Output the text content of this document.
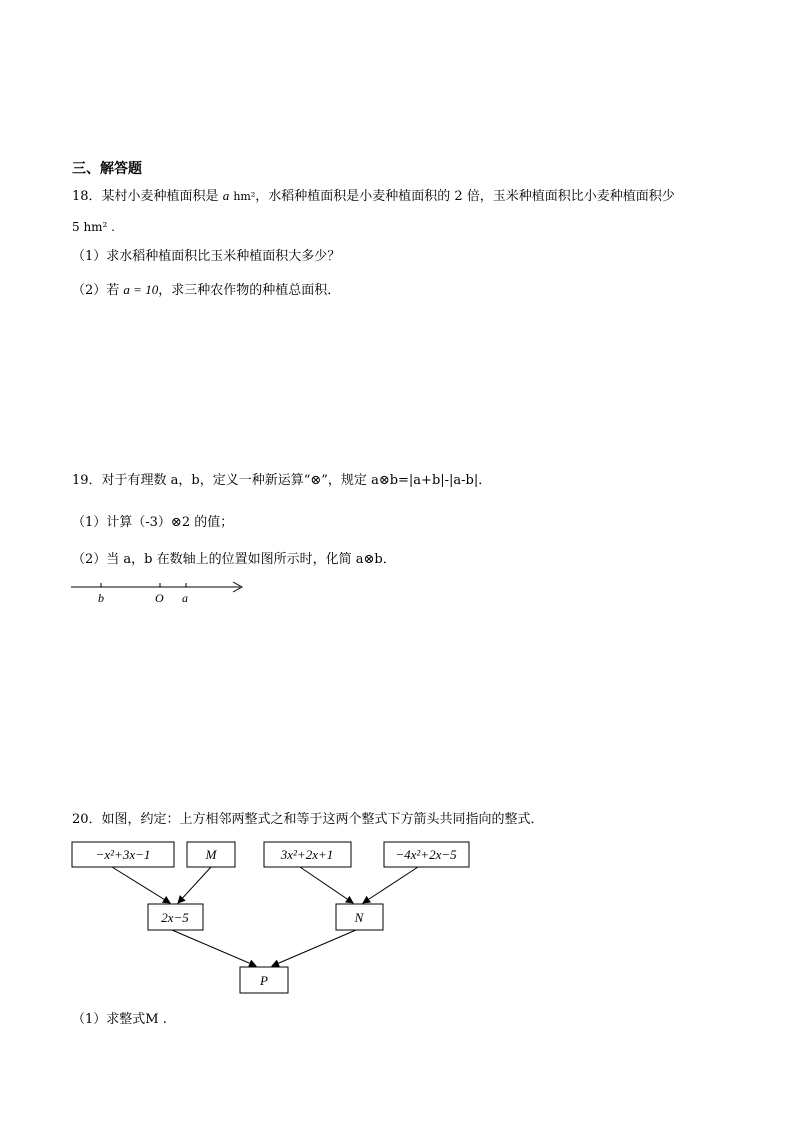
三、解答题
18．某村小麦种植面积是 a hm²，水稻种植面积是小麦种植面积的 2 倍，玉米种植面积比小麦种植面积少
5 hm² .
（1）求水稻种植面积比玉米种植面积大多少？
（2）若 a = 10，求三种农作物的种植总面积．
19．对于有理数 a，b，定义一种新运算“⊗”，规定 a⊗b=|a+b|-|a-b|．
（1）计算（-3）⊗2 的值；
（2）当 a，b 在数轴上的位置如图所示时，化简 a⊗b．
b	O a
20．如图，约定：上方相邻两整式之和等于这两个整式下方箭头共同指向的整式．
−x²+3x−1	M	3x²+2x+1	−4x²+2x−5
2x−5	N
P
（1）求整式M .
